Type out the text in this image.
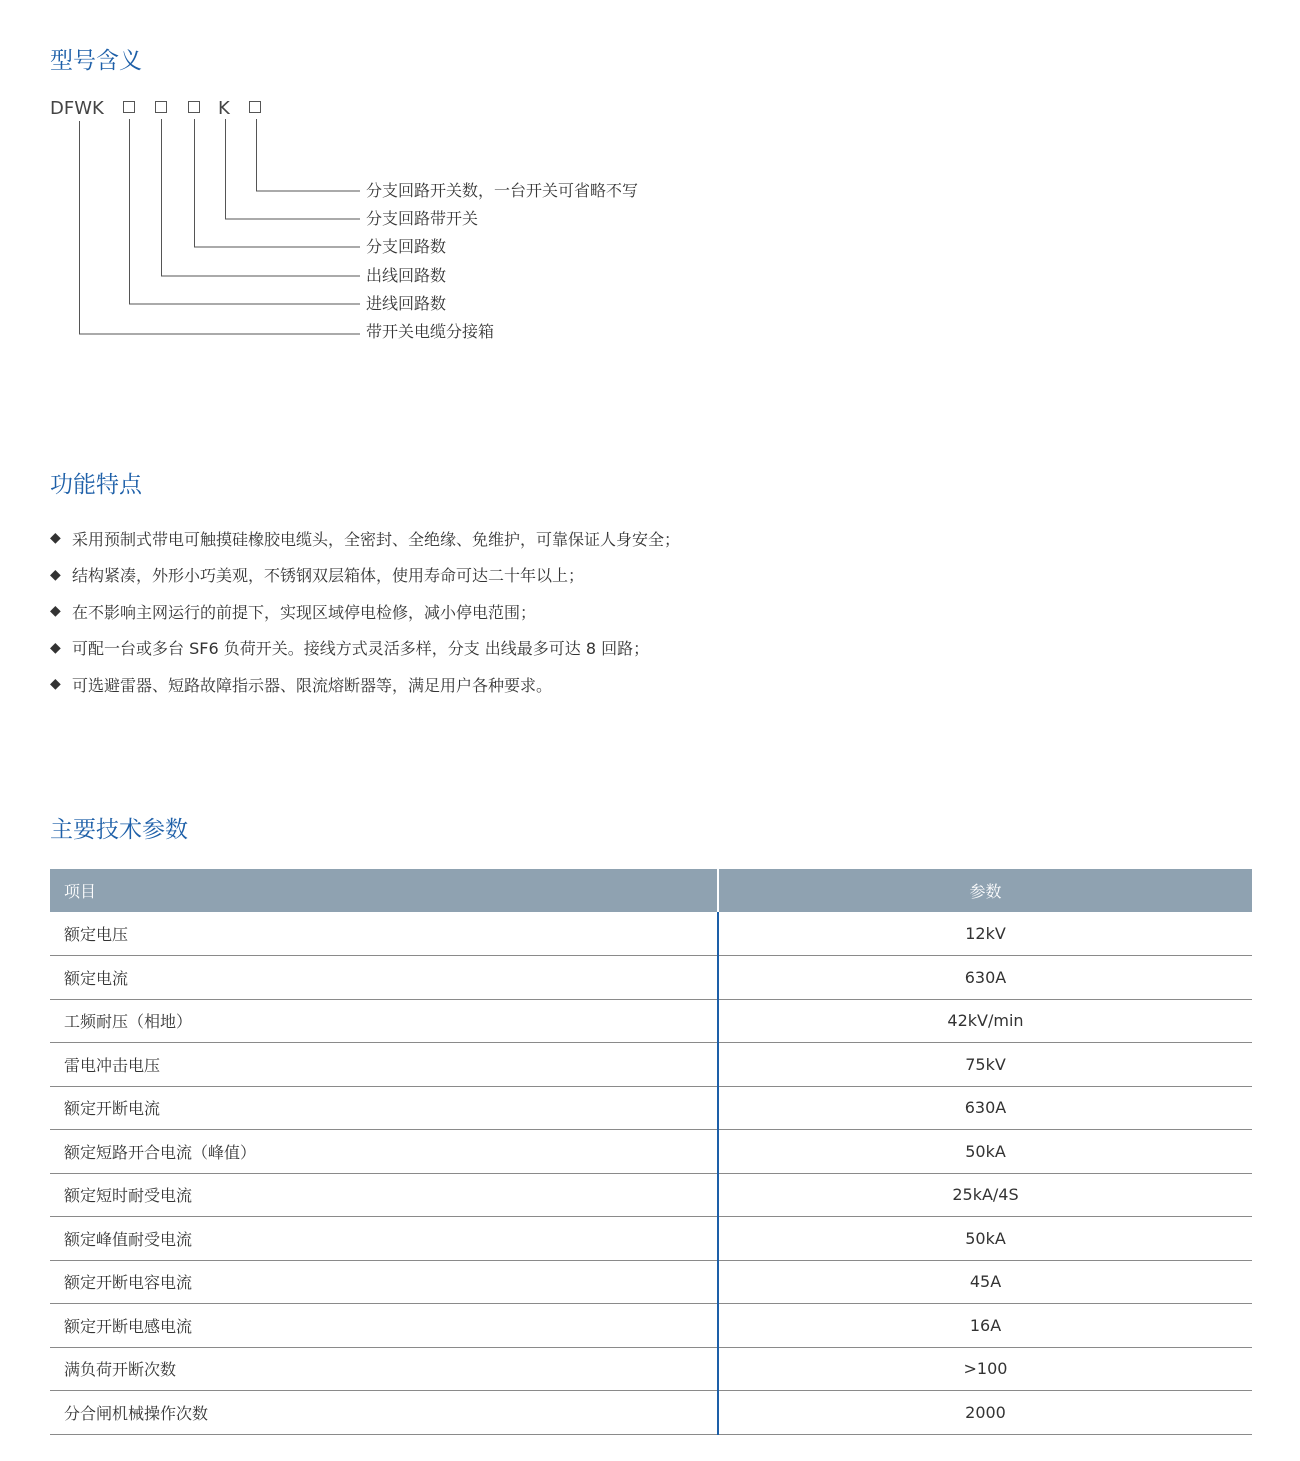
型号含义
DFWK	K
分支回路开关数，一台开关可省略不写
分支回路带开关
分支回路数
出线回路数
进线回路数
带开关电缆分接箱
功能特点
◆ 采用预制式带电可触摸硅橡胶电缆头，全密封、全绝缘、免维护，可靠保证人身安全；
◆ 结构紧凑，外形小巧美观，不锈钢双层箱体，使用寿命可达二十年以上；
◆ 在不影响主网运行的前提下，实现区域停电检修，减小停电范围；
◆ 可配一台或多台 SF6 负荷开关。接线方式灵活多样，分支 出线最多可达 8 回路；
◆ 可选避雷器、短路故障指示器、限流熔断器等，满足用户各种要求。
主要技术参数
项目	参数
额定电压	12kV
额定电流	630A
工频耐压（相地）	42kV/min
雷电冲击电压	75kV
额定开断电流	630A
额定短路开合电流（峰值）	50kA
额定短时耐受电流	25kA/4S
额定峰值耐受电流	50kA
额定开断电容电流	45A
额定开断电感电流	16A
满负荷开断次数	>100
分合闸机械操作次数	2000
